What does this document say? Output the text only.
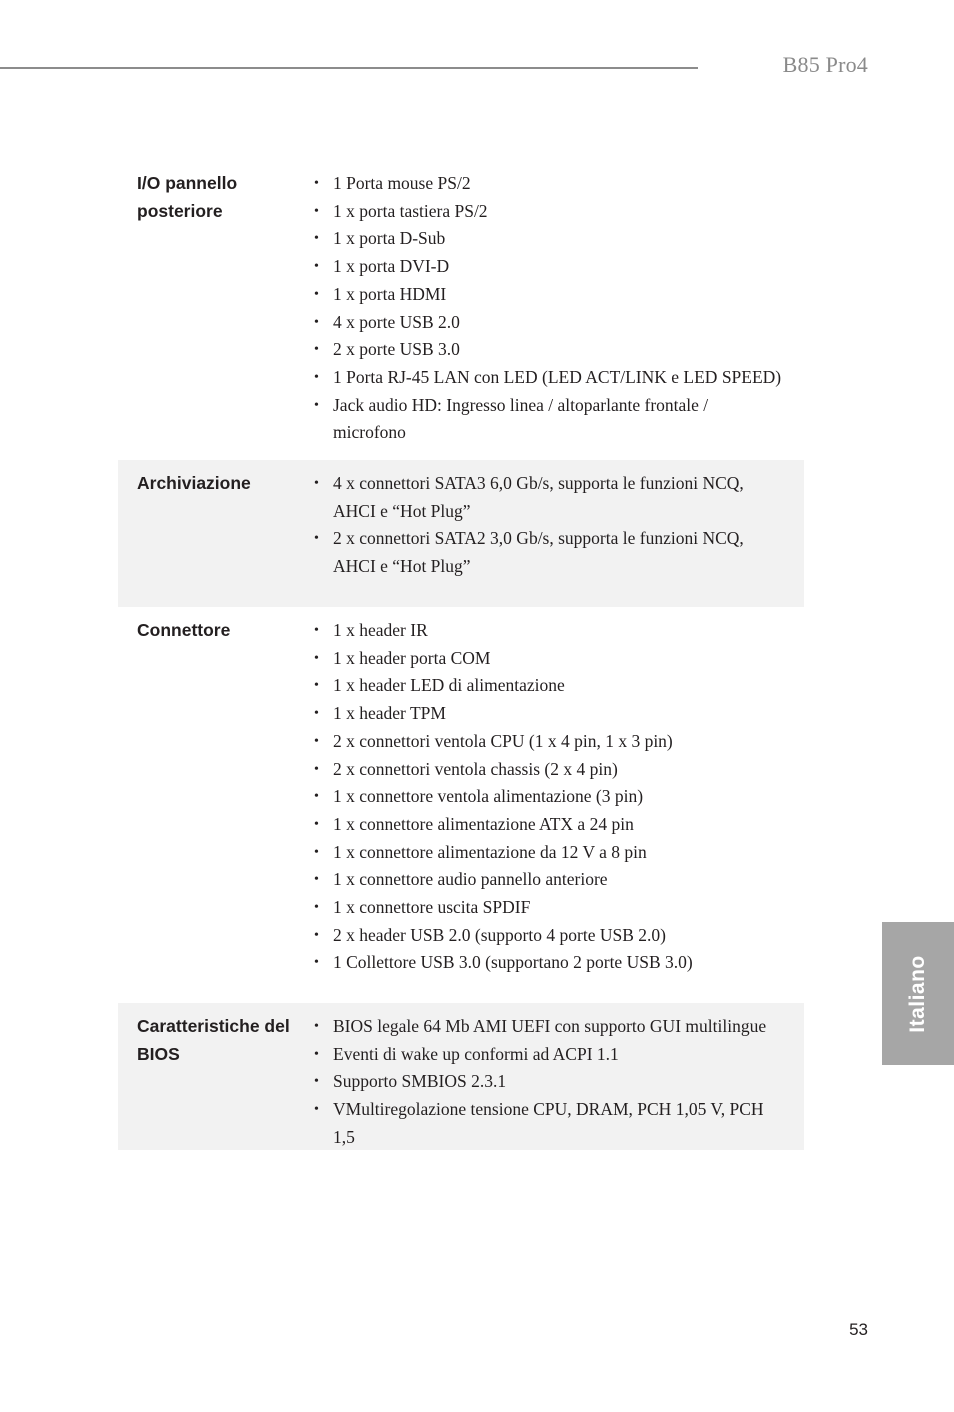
B85 Pro4
I/O pannello posteriore
• 1 Porta mouse PS/2
• 1 x porta tastiera PS/2
• 1 x porta D-Sub
• 1 x porta DVI-D
• 1 x porta HDMI
• 4 x porte USB 2.0
• 2 x porte USB 3.0
• 1 Porta RJ-45 LAN con LED (LED ACT/LINK e LED SPEED)
• Jack audio HD: Ingresso linea / altoparlante frontale / microfono
Archiviazione	• 4 x connettori SATA3 6,0 Gb/s, supporta le funzioni NCQ, AHCI e “Hot Plug”
• 2 x connettori SATA2 3,0 Gb/s, supporta le funzioni NCQ, AHCI e “Hot Plug”
Connettore	• 1 x header IR
• 1 x header porta COM
• 1 x header LED di alimentazione
• 1 x header TPM
• 2 x connettori ventola CPU (1 x 4 pin, 1 x 3 pin)
• 2 x connettori ventola chassis (2 x 4 pin)
• 1 x connettore ventola alimentazione (3 pin)
• 1 x connettore alimentazione ATX a 24 pin
• 1 x connettore alimentazione da 12 V a 8 pin
• 1 x connettore audio pannello anteriore
• 1 x connettore uscita SPDIF
• 2 x header USB 2.0 (supporto 4 porte USB 2.0)
• 1 Collettore USB 3.0 (supportano 2 porte USB 3.0)
Caratteristiche del BIOS
• BIOS legale 64 Mb AMI UEFI con supporto GUI multilingue
• Eventi di wake up conformi ad ACPI 1.1
• Supporto SMBIOS 2.3.1
• VMultiregolazione tensione CPU, DRAM, PCH 1,05 V, PCH 1,5
Italiano
53
